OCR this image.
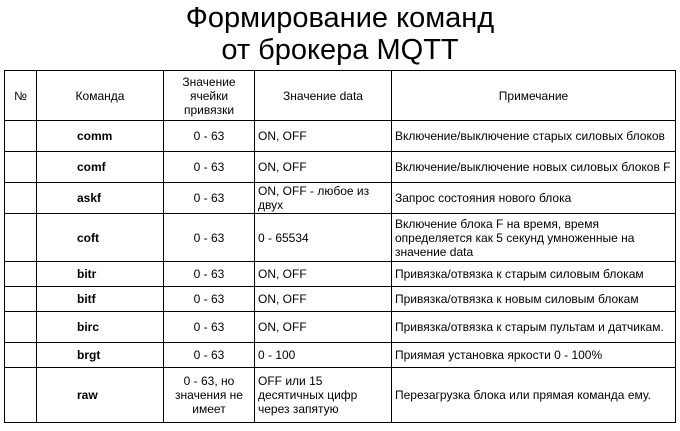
Формирование команд
от брокера MQTT
№	Команда	Значение ячейки привязки	Значение data	Примечание
	comm	0 - 63	ON, OFF	Включение/выключение старых силовых блоков
	comf	0 - 63	ON, OFF	Включение/выключение новых силовых блоков F
	askf	0 - 63	ON, OFF - любое из двух	Запрос состояния нового блока
	coft	0 - 63	0 - 65534	Включение блока F на время, время определяется как 5 секунд умноженные на значение data
	bitr	0 - 63	ON, OFF	Привязка/отвязка к старым силовым блокам
	bitf	0 - 63	ON, OFF	Привязка/отвязка к новым силовым блокам
	birc	0 - 63	ON, OFF	Привязка/отвязка к старым пультам и датчикам.
	brgt	0 - 63	0 - 100	Приямая установка яркости 0 - 100%
	raw	0 - 63, но значения не имеет	OFF или 15 десятичных цифр через запятую	Перезагрузка блока или прямая команда ему.
